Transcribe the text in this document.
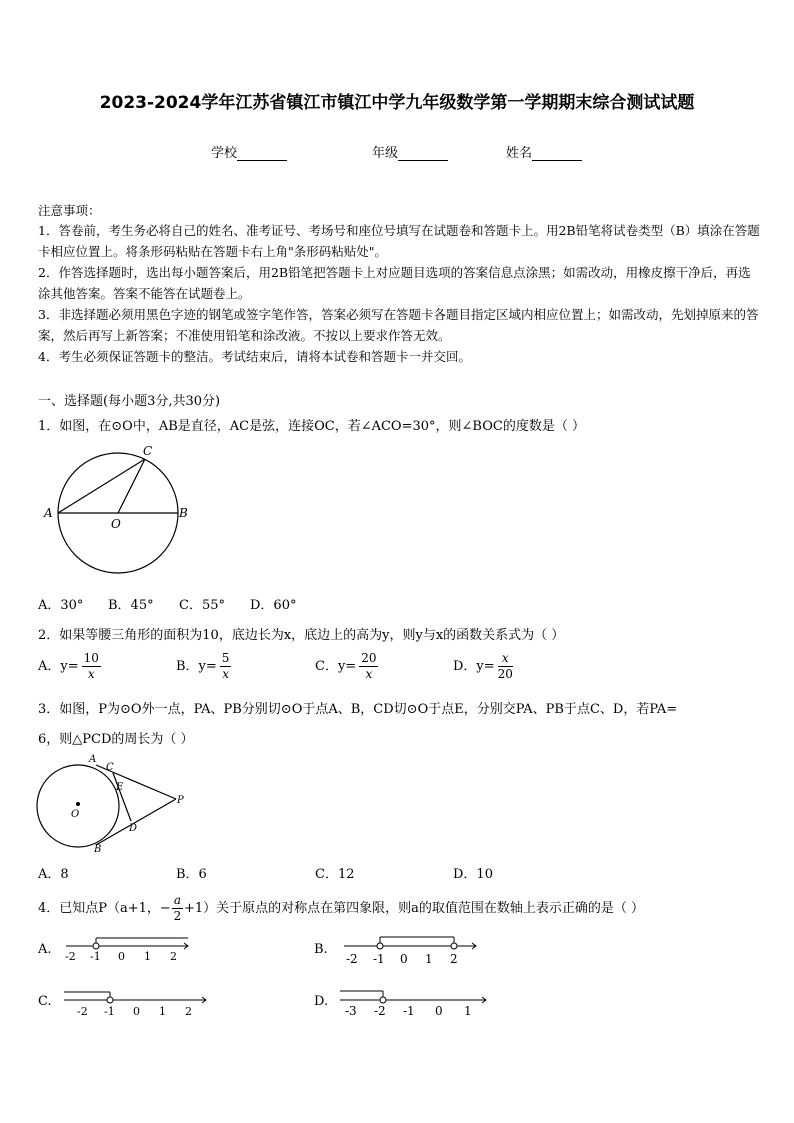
2023-2024学年江苏省镇江市镇江中学九年级数学第一学期期末综合测试试题
学校	年级	姓名
注意事项：
1．答卷前，考生务必将自己的姓名、准考证号、考场号和座位号填写在试题卷和答题卡上。用2B铅笔将试卷类型（B）填涂在答题卡相应位置上。将条形码粘贴在答题卡右上角"条形码粘贴处"。
2．作答选择题时，选出每小题答案后，用2B铅笔把答题卡上对应题目选项的答案信息点涂黑；如需改动，用橡皮擦干净后，再选涂其他答案。答案不能答在试题卷上。
3．非选择题必须用黑色字迹的钢笔或签字笔作答，答案必须写在答题卡各题目指定区域内相应位置上；如需改动，先划掉原来的答案，然后再写上新答案；不准使用铅笔和涂改液。不按以上要求作答无效。
4．考生必须保证答题卡的整洁。考试结束后，请将本试卷和答题卡一并交回。
一、选择题(每小题3分,共30分)
1．如图，在⊙O中，AB是直径，AC是弦，连接OC，若∠ACO=30°，则∠BOC的度数是（ ）
A	B
C
O
A．30° B．45° C．55° D．60°
2．如果等腰三角形的面积为10，底边长为x，底边上的高为y，则y与x的函数关系式为（ ）
A．$y= \frac{10}{x}$	B．$y= \frac{5}{x}$	C．$y= \frac{20}{x}$	D．$y= \frac{x}{20}$
3．如图，P为⊙O外一点，PA、PB分别切⊙O于点A、B，CD切⊙O于点E，分别交PA、PB于点C、D，若PA=
6，则△PCD的周长为（ ）
A
C
E
P
D
B
O
A．8	B．6	C．12	D．10
4．已知点P（a+1，− $\frac{a}{2} +1$）关于原点的对称点在第四象限，则a的取值范围在数轴上表示正确的是（ ）
A. -2 -1 0 1 2	B.
-2 -1 0 1 2
C.
-2 -1 0 1 2
D.
-3 -2 -1 0 1
